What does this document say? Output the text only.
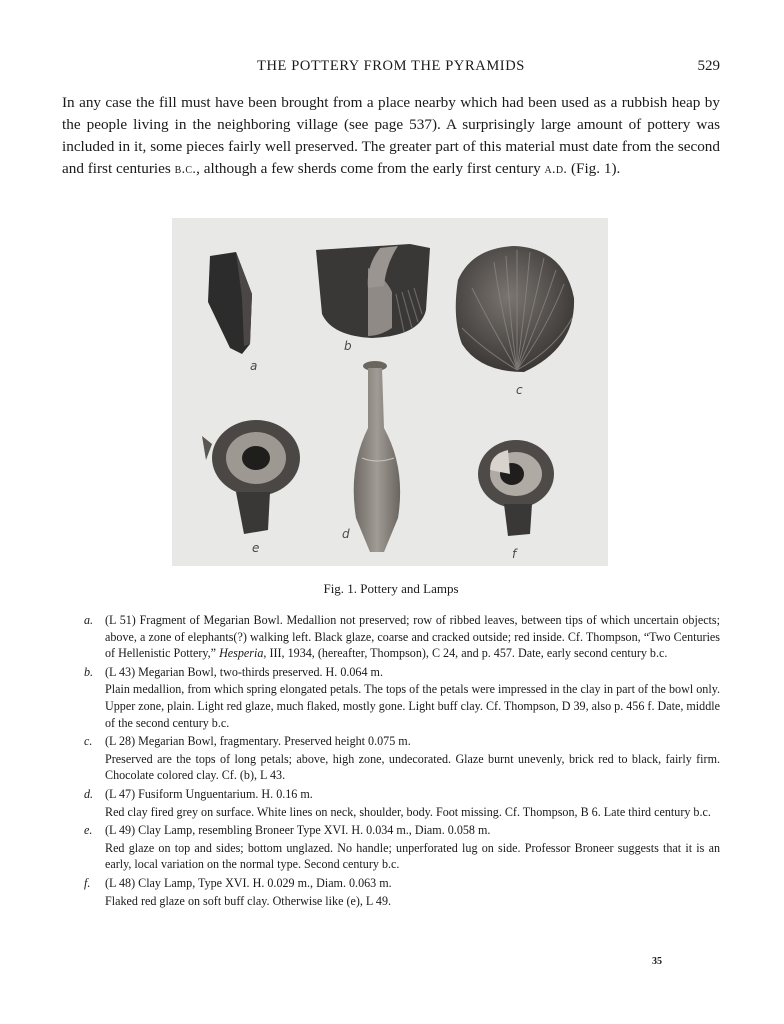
THE POTTERY FROM THE PYRAMIDS	529

In any case the fill must have been brought from a place nearby which had been used as a rubbish heap by the people living in the neighboring village (see page 537). A surprisingly large amount of pottery was included in it, some pieces fairly well preserved. The greater part of this material must date from the second and first centuries b.c., although a few sherds come from the early first century a.d. (Fig. 1).

a
b
c
d
e	f
Fig. 1. Pottery and Lamps
a. (L 51) Fragment of Megarian Bowl. Medallion not preserved; row of ribbed leaves, between tips of which uncertain objects; above, a zone of elephants(?) walking left. Black glaze, coarse and cracked outside; red inside. Cf. Thompson, “Two Centuries of Hellenistic Pottery,” Hesperia, III, 1934, (hereafter, Thompson), C 24, and p. 457. Date, early second century b.c.
b. (L 43) Megarian Bowl, two-thirds preserved. H. 0.064 m.
Plain medallion, from which spring elongated petals. The tops of the petals were impressed in the clay in part of the bowl only. Upper zone, plain. Light red glaze, much flaked, mostly gone. Light buff clay. Cf. Thompson, D 39, also p. 456 f. Date, middle of the second century b.c.
c.	(L 28) Megarian Bowl, fragmentary. Preserved height 0.075 m.
Preserved are the tops of long petals; above, high zone, undecorated. Glaze burnt unevenly, brick red to black, fairly firm. Chocolate colored clay. Cf. (b), L 43.
d. (L 47) Fusiform Unguentarium. H. 0.16 m.
Red clay fired grey on surface. White lines on neck, shoulder, body. Foot missing. Cf. Thompson, B 6. Late third century b.c.
e.	(L 49) Clay Lamp, resembling Broneer Type XVI. H. 0.034 m., Diam. 0.058 m.
Red glaze on top and sides; bottom unglazed. No handle; unperforated lug on side. Professor Broneer suggests that it is an early, local variation on the normal type. Second century b.c.
f.	(L 48) Clay Lamp, Type XVI. H. 0.029 m., Diam. 0.063 m.
Flaked red glaze on soft buff clay. Otherwise like (e), L 49.
35
